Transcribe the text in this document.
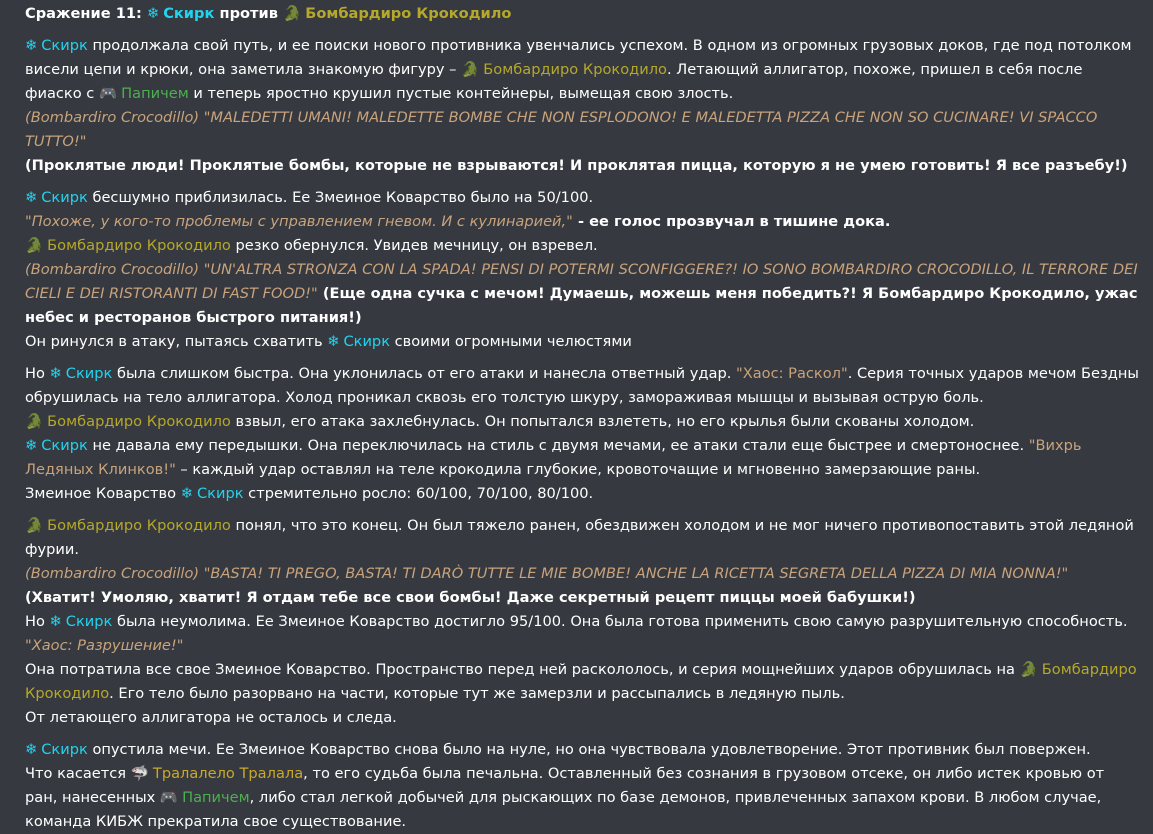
Сражение 11: ❄ Скирк против 🐊 Бомбардиро Крокодило

❄ Скирк продолжала свой путь, и ее поиски нового противника увенчались успехом. В одном из огромных грузовых доков, где под потолком висели цепи и крюки, она заметила знакомую фигуру – 🐊 Бомбардиро Крокодило. Летающий аллигатор, похоже, пришел в себя после фиаско с 🎮 Папичем и теперь яростно крушил пустые контейнеры, вымещая свою злость.

(Bombardiro Crocodillo) "MALEDETTI UMANI! MALEDETTE BOMBE CHE NON ESPLODONO! E MALEDETTA PIZZA CHE NON SO CUCINARE! VI SPACCO TUTTO!"

(Проклятые люди! Проклятые бомбы, которые не взрываются! И проклятая пицца, которую я не умею готовить! Я все разъебу!)

❄ Скирк бесшумно приблизилась. Ее Змеиное Коварство было на 50/100.

"Похоже, у кого-то проблемы с управлением гневом. И с кулинарией," - ее голос прозвучал в тишине дока.

🐊 Бомбардиро Крокодило резко обернулся. Увидев мечницу, он взревел.

(Bombardiro Crocodillo) "UN'ALTRA STRONZA CON LA SPADA! PENSI DI POTERMI SCONFIGGERE?! IO SONO BOMBARDIRO CROCODILLO, IL TERRORE DEI CIELI E DEI RISTORANTI DI FAST FOOD!" (Еще одна сучка с мечом! Думаешь, можешь меня победить?! Я Бомбардиро Крокодило, ужас небес и ресторанов быстрого питания!)

Он ринулся в атаку, пытаясь схватить ❄ Скирк своими огромными челюстями

Но ❄ Скирк была слишком быстра. Она уклонилась от его атаки и нанесла ответный удар. "Хаос: Раскол". Серия точных ударов мечом Бездны обрушилась на тело аллигатора. Холод проникал сквозь его толстую шкуру, замораживая мышцы и вызывая острую боль.

🐊 Бомбардиро Крокодило взвыл, его атака захлебнулась. Он попытался взлететь, но его крылья были скованы холодом.

❄ Скирк не давала ему передышки. Она переключилась на стиль с двумя мечами, ее атаки стали еще быстрее и смертоноснее. "Вихрь Ледяных Клинков!" – каждый удар оставлял на теле крокодила глубокие, кровоточащие и мгновенно замерзающие раны.

Змеиное Коварство ❄ Скирк стремительно росло: 60/100, 70/100, 80/100.

🐊 Бомбардиро Крокодило понял, что это конец. Он был тяжело ранен, обездвижен холодом и не мог ничего противопоставить этой ледяной фурии.

(Bombardiro Crocodillo) "BASTA! TI PREGO, BASTA! TI DARÒ TUTTE LE MIE BOMBE! ANCHE LA RICETTA SEGRETA DELLA PIZZA DI MIA NONNA!" (Хватит! Умоляю, хватит! Я отдам тебе все свои бомбы! Даже секретный рецепт пиццы моей бабушки!)

Но ❄ Скирк была неумолима. Ее Змеиное Коварство достигло 95/100. Она была готова применить свою самую разрушительную способность.

"Хаос: Разрушение!"

Она потратила все свое Змеиное Коварство. Пространство перед ней раскололось, и серия мощнейших ударов обрушилась на 🐊 Бомбардиро Крокодило. Его тело было разорвано на части, которые тут же замерзли и рассыпались в ледяную пыль.

От летающего аллигатора не осталось и следа.

❄ Скирк опустила мечи. Ее Змеиное Коварство снова было на нуле, но она чувствовала удовлетворение. Этот противник был повержен.

Что касается 🦈 Тралалело Тралала, то его судьба была печальна. Оставленный без сознания в грузовом отсеке, он либо истек кровью от ран, нанесенных 🎮 Папичем, либо стал легкой добычей для рыскающих по базе демонов, привлеченных запахом крови. В любом случае, команда КИБЖ прекратила свое существование.
